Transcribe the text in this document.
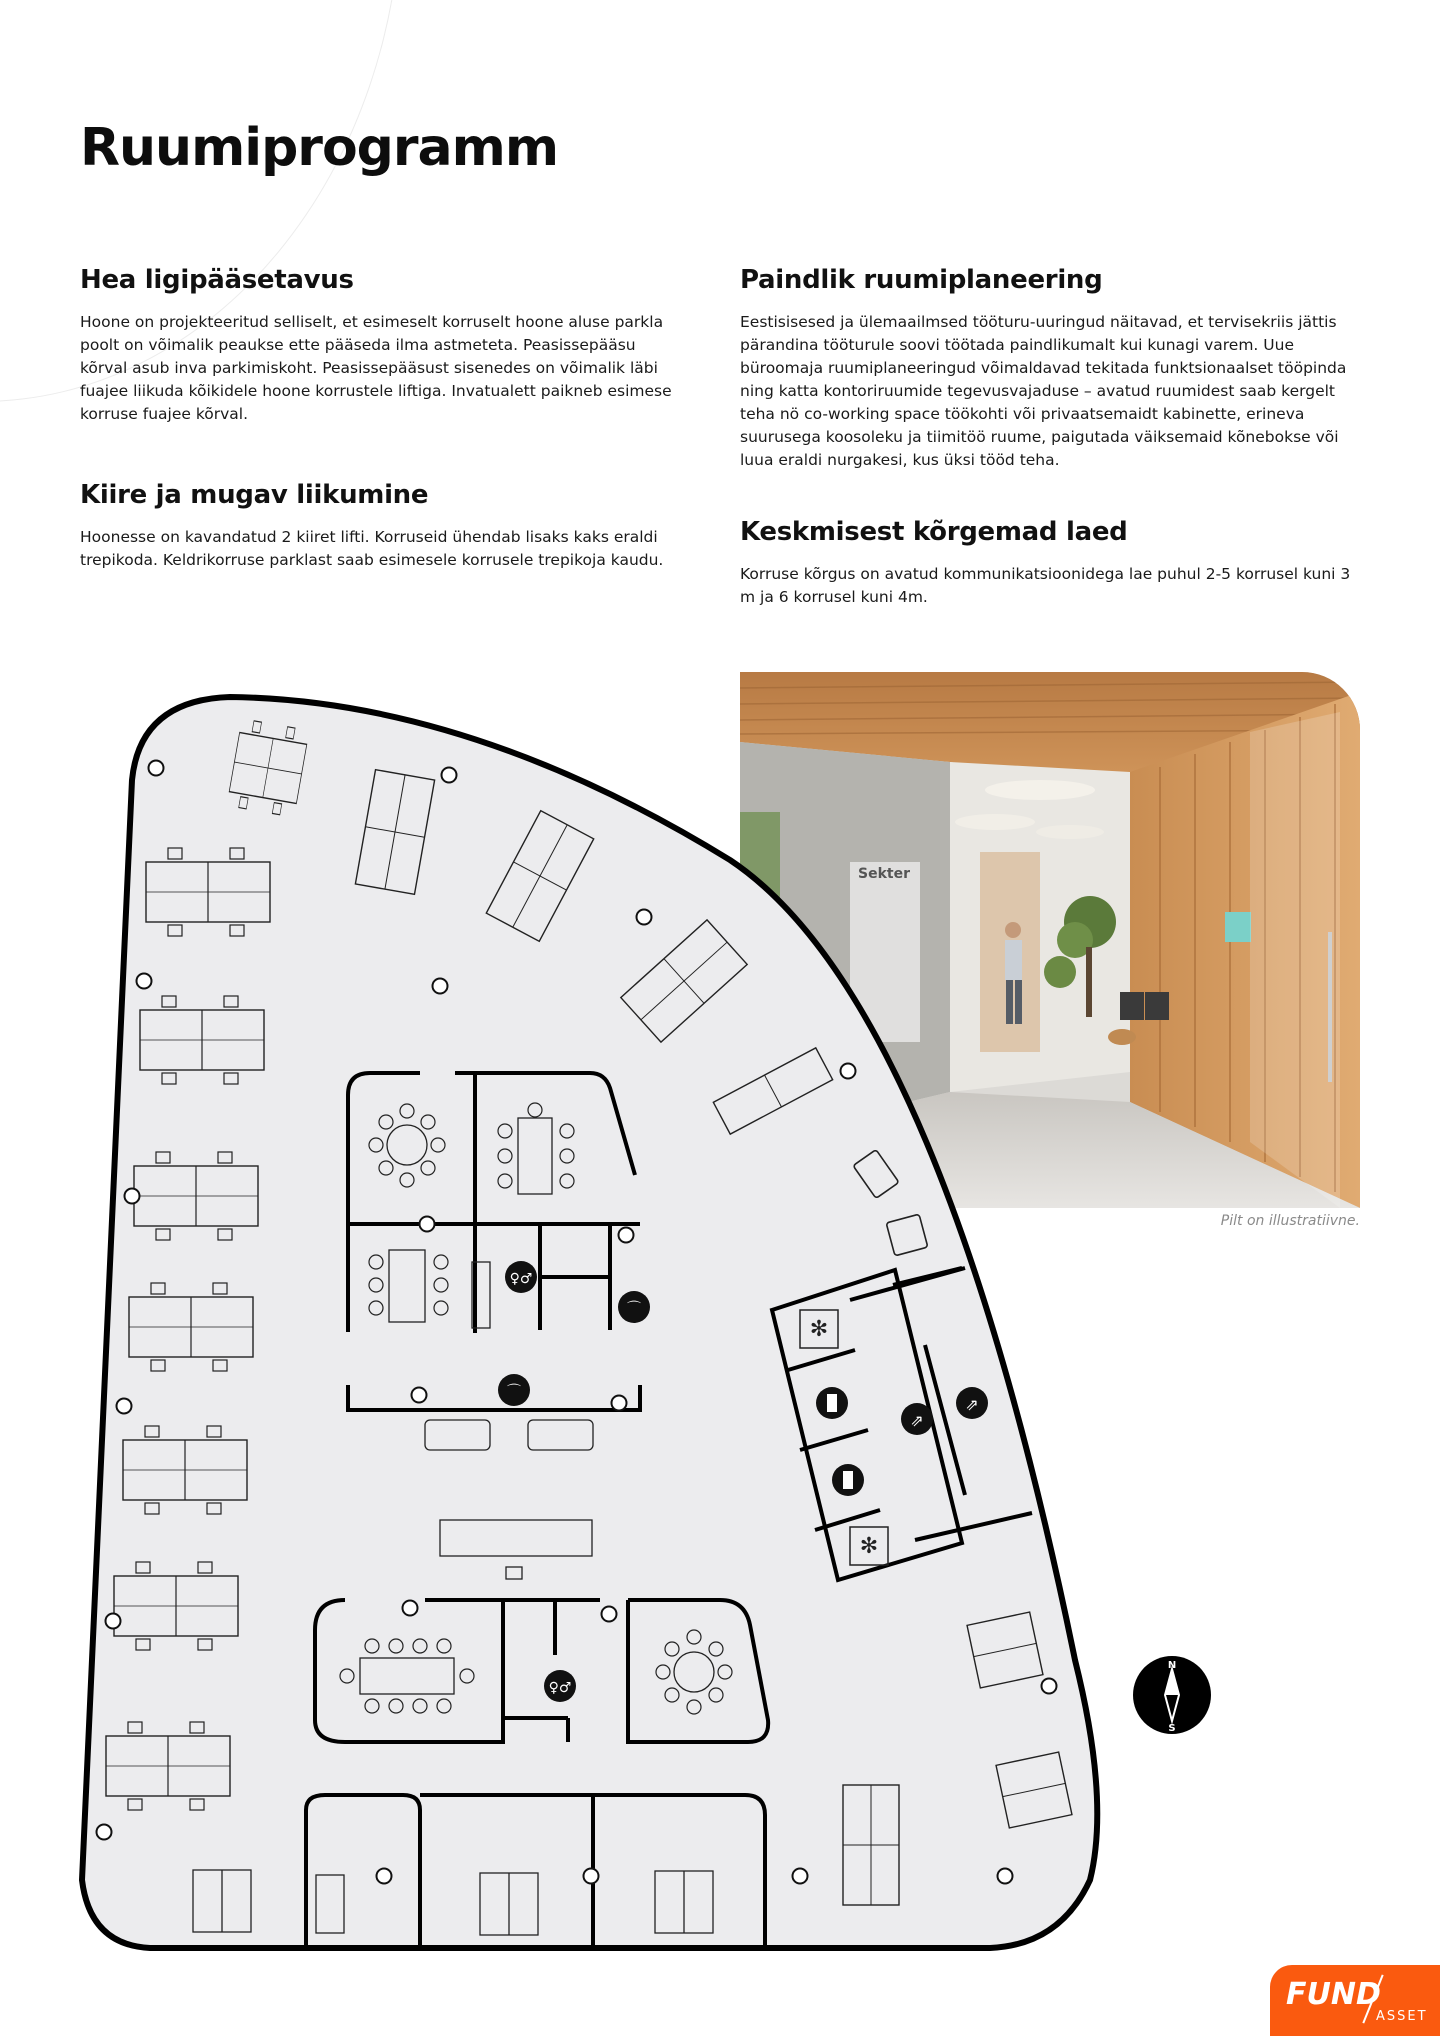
Ruumiprogramm
Hea ligipääsetavus

Hoone on projekteeritud selliselt, et esimeselt korruselt hoone aluse parkla poolt on võimalik peaukse ette pääseda ilma astmeteta. Peasissepääsu kõrval asub inva parkimiskoht. Peasissepääsust sisenedes on võimalik läbi fuajee liikuda kõikidele hoone korrustele liftiga. Invatualett paikneb esimese korruse fuajee kõrval.

Kiire ja mugav liikumine

Hoonesse on kavandatud 2 kiiret lifti. Korruseid ühendab lisaks kaks eraldi trepikoda. Keldrikorruse parklast saab esimesele korrusele trepikoja kaudu.

Paindlik ruumiplaneering

Eestisisesed ja ülemaailmsed tööturu-uuringud näitavad, et tervisekriis jättis pärandina tööturule soovi töötada paindlikumalt kui kunagi varem. Uue büroomaja ruumiplaneeringud võimaldavad tekitada funktsionaalset tööpinda ning katta kontoriruumide tegevusvajaduse – avatud ruumidest saab kergelt teha nö co-working space töökohti või privaatsemaidt kabinette, erineva suurusega koosoleku ja tiimitöö ruume, paigutada väiksemaid kõnebokse või luua eraldi nurgakesi, kus üksi tööd teha.

Keskmisest kõrgemad laed

Korruse kõrgus on avatud kommunikatsioonidega lae puhul 2-5 korrusel kuni 3 m ja 6 korrusel kuni 4m.

Sekter
Pilt on illustratiivne.
✻
✻
⇗
⇗
♀♂
⌒
⌒
♀♂
N
S
FUND
ASSET
